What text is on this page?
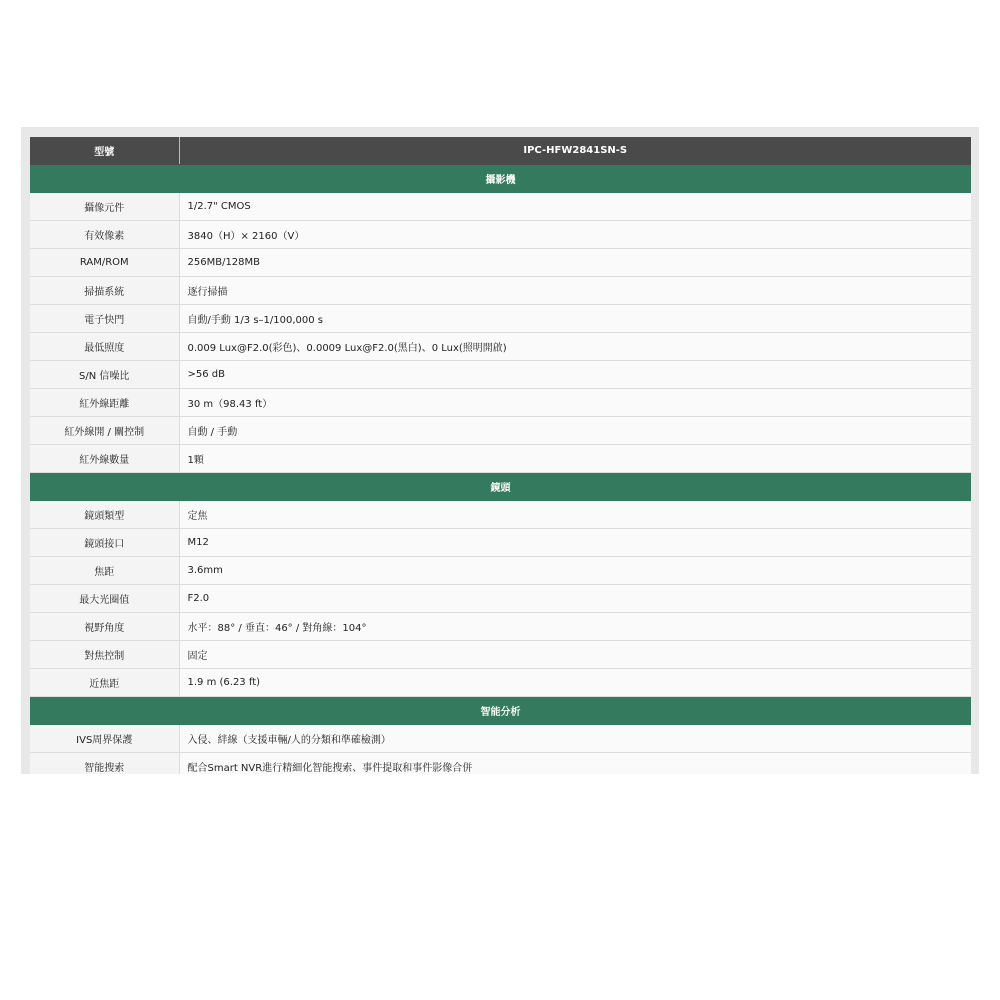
型號	IPC-HFW2841SN-S
攝影機	
攝像元件	1/2.7" CMOS
有效像素	3840（H）× 2160（V）
RAM/ROM	256MB/128MB
掃描系統	逐行掃描
電子快門	自動/手動 1/3 s–1/100,000 s
最低照度	0.009 Lux@F2.0(彩色)、0.0009 Lux@F2.0(黑白)、0 Lux(照明開啟)
S/N 信噪比	>56 dB
紅外線距離	30 m（98.43 ft）
紅外線開 / 關控制	自動 / 手動
紅外線數量	1顆
鏡頭	
鏡頭類型	定焦
鏡頭接口	M12
焦距	3.6mm
最大光圈值	F2.0
視野角度	水平：88° / 垂直：46° / 對角線：104°
對焦控制	固定
近焦距	1.9 m (6.23 ft)
智能分析	
IVS周界保護	入侵、絆線（支援車輛/人的分類和準確檢測）
智能搜索	配合Smart NVR進行精細化智能搜索、事件提取和事件影像合併
